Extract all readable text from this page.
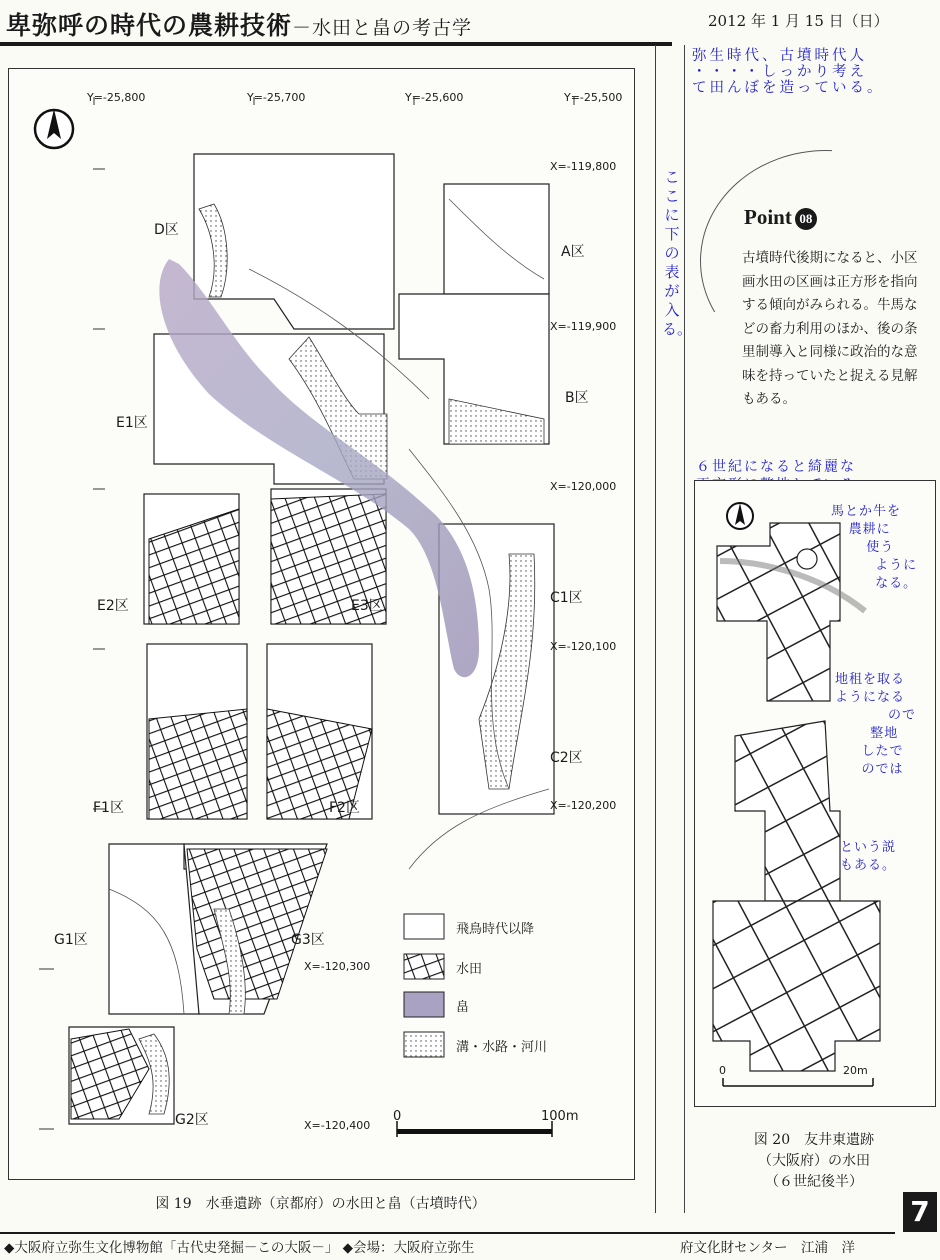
卑弥呼の時代の農耕技術－水田と畠の考古学	2012 年 1 月 15 日（日）
Y=-25,800	Y=-25,700	Y=-25,600	Y=-25,500
X=-119,800
X=-119,900
X=-120,000
X=-120,100
X=-120,200
X=-120,300
X=-120,400
D区
A区
B区
E1区
E2区	E3区	C1区
C2区
F1区	F2区
G1区	G3区
G2区
飛鳥時代以降
水田
畠
溝・水路・河川
0	100m
図 19　水垂遺跡（京都府）の水田と畠（古墳時代）
弥生時代、古墳時代人
・・・・しっかり考え
て田んぼを造っている。
ここに下の表が入る。
Point 08
古墳時代後期になると、小区画水田の区画は正方形を指向する傾向がみられる。牛馬などの畜力利用のほか、後の条里制導入と同様に政治的な意味を持っていたと捉える見解もある。
６世紀になると綺麗な

0	20m
馬とか牛を
農耕に
使う
ように
なる。
地租を取る
ようになる
ので
整地
したで
のでは
という説
もある。
図 20　友井東遺跡
（大阪府）の水田
（６世紀後半）
7
◆大阪府立弥生文化博物館「古代史発掘－この大阪－」 ◆会場：大阪府立弥生	府文化財センター　江浦　洋
